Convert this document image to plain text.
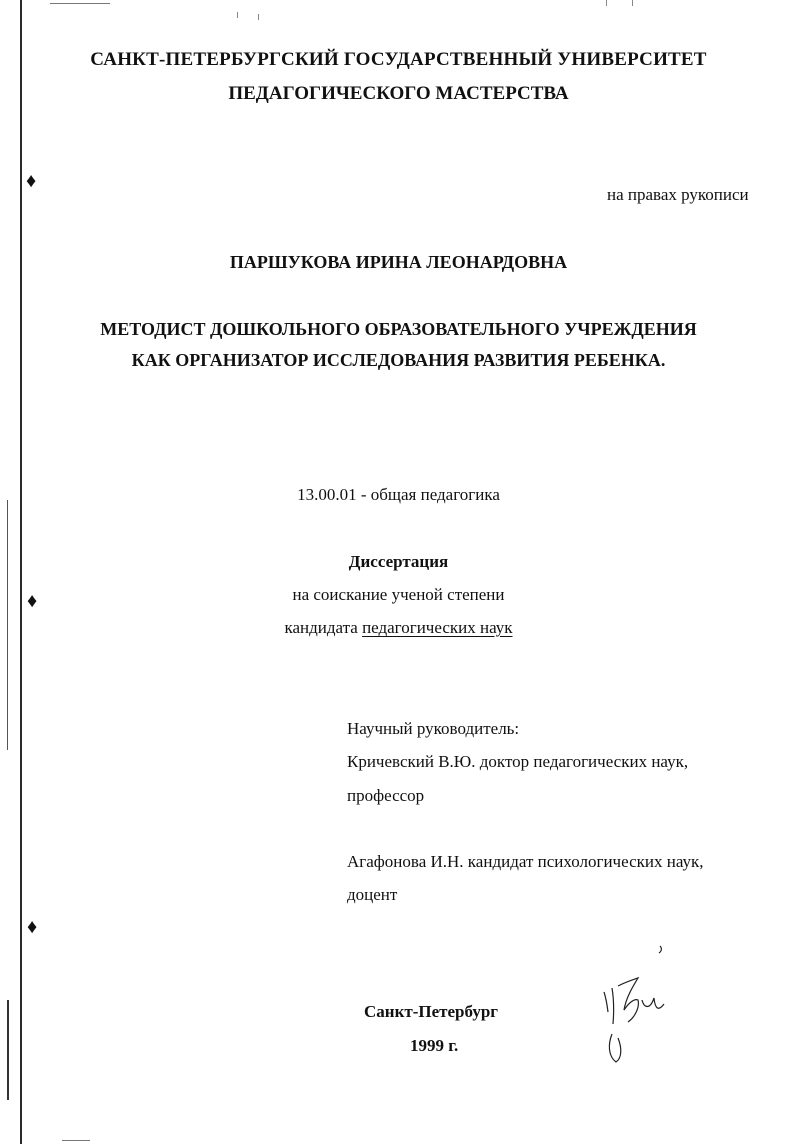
♦
♦
♦
САНКТ-ПЕТЕРБУРГСКИЙ ГОСУДАРСТВЕННЫЙ УНИВЕРСИТЕТ
ПЕДАГОГИЧЕСКОГО МАСТЕРСТВА
на правах рукописи
ПАРШУКОВА ИРИНА ЛЕОНАРДОВНА
МЕТОДИСТ ДОШКОЛЬНОГО ОБРАЗОВАТЕЛЬНОГО УЧРЕЖДЕНИЯ
КАК ОРГАНИЗАТОР ИССЛЕДОВАНИЯ РАЗВИТИЯ РЕБЕНКА.
13.00.01 - общая педагогика
Диссертация
на соискание ученой степени
кандидата педагогических наук
Научный руководитель:
Кричевский В.Ю. доктор педагогических наук,
профессор
Агафонова И.Н. кандидат психологических наук,
доцент
Санкт-Петербург
1999 г.
